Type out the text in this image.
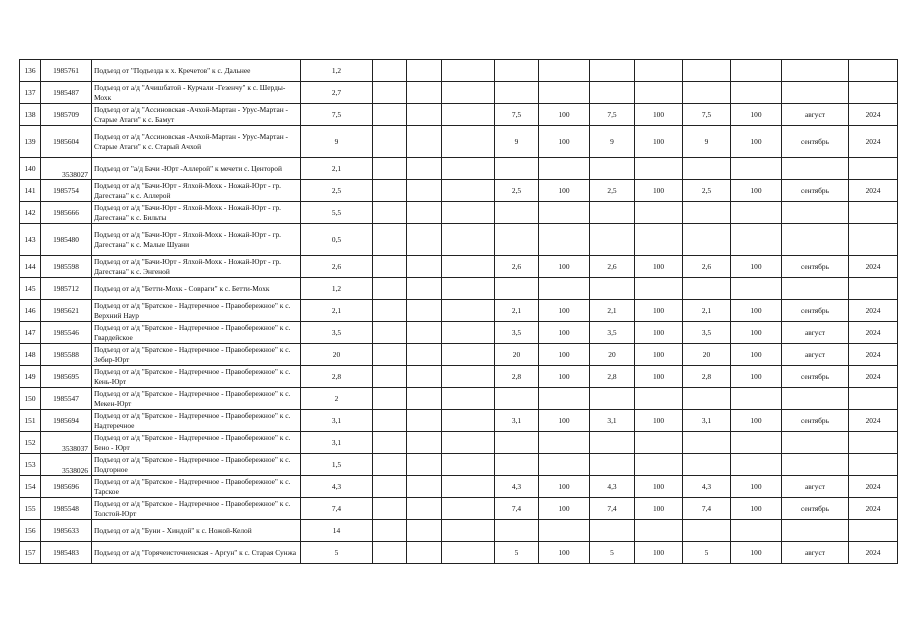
136	1985761	Подъезд от "Подъезда к х. Кречетов" к с. Дальнее	1,2											
137	1985487	Подъезд от а/д "Ачишбатой - Курчали -Гезенчу" к с. Шерды-Мохк	2,7											
138	1985709	Подъезд от а/д "Ассиновская -Ачхой-Мартан - Урус-Мартан - Старые Атаги" к с. Бамут	7,5				7,5	100	7,5	100	7,5	100	август	2024
139	1985604	Подъезд от а/д "Ассиновская -Ачхой-Мартан - Урус-Мартан - Старые Атаги" к с. Старый Ачхой	9				9	100	9	100	9	100	сентябрь	2024
140	3538027	Подъезд от "а/д Бачи -Юрт -Аллерой" к мечети с. Центорой	2,1											
141	1985754	Подъезд от а/д "Бачи-Юрт - Ялхой-Мохк - Ножай-Юрт - гр. Дагестана" к с. Аллерой	2,5				2,5	100	2,5	100	2,5	100	сентябрь	2024
142	1985666	Подъезд от а/д "Бачи-Юрт - Ялхой-Мохк - Ножай-Юрт - гр. Дагестана" к с. Бильты	5,5											
143	1985480	Подъезд от а/д "Бачи-Юрт - Ялхой-Мохк - Ножай-Юрт - гр. Дагестана" к с. Малые Шуани	0,5											
144	1985598	Подъезд от а/д "Бачи-Юрт - Ялхой-Мохк - Ножай-Юрт - гр. Дагестана" к с. Энгеной	2,6				2,6	100	2,6	100	2,6	100	сентябрь	2024
145	1985712	Подъезд от а/д "Бетти-Мохк - Совраги" к с. Бетти-Мохк	1,2											
146	1985621	Подъезд от а/д "Братское - Надтеречное - Правобережное" к с. Верхний Наур	2,1				2,1	100	2,1	100	2,1	100	сентябрь	2024
147	1985546	Подъезд от а/д "Братское - Надтеречное - Правобережное" к с. Гвардейское	3,5				3,5	100	3,5	100	3,5	100	август	2024
148	1985588	Подъезд от а/д "Братское - Надтеречное - Правобережное" к с. Зебир-Юрт	20				20	100	20	100	20	100	август	2024
149	1985695	Подъезд от а/д "Братское - Надтеречное - Правобережное" к с. Кень-Юрт	2,8				2,8	100	2,8	100	2,8	100	сентябрь	2024
150	1985547	Подъезд от а/д "Братское - Надтеречное - Правобережное" к с. Мекен-Юрт	2											
151	1985694	Подъезд от а/д "Братское - Надтеречное - Правобережное" к с. Надтеречное	3,1				3,1	100	3,1	100	3,1	100	сентябрь	2024
152	3538037	Подъезд от а/д "Братское - Надтеречное - Правобережное" к с. Бено - Юрт	3,1											
153	3538026	Подъезд от а/д "Братское - Надтеречное - Правобережное" к с. Подгорное	1,5											
154	1985696	Подъезд от а/д "Братское - Надтеречное - Правобережное" к с. Тарское	4,3				4,3	100	4,3	100	4,3	100	август	2024
155	1985548	Подъезд от а/д "Братское - Надтеречное - Правобережное" к с. Толстой-Юрт	7,4				7,4	100	7,4	100	7,4	100	сентябрь	2024
156	1985633	Подъезд от а/д "Буни - Хиндой" к с. Ножой-Келой	14											
157	1985483	Подъезд от а/д "Горячеисточненская - Аргун" к с. Старая Сунжа	5				5	100	5	100	5	100	август	2024
